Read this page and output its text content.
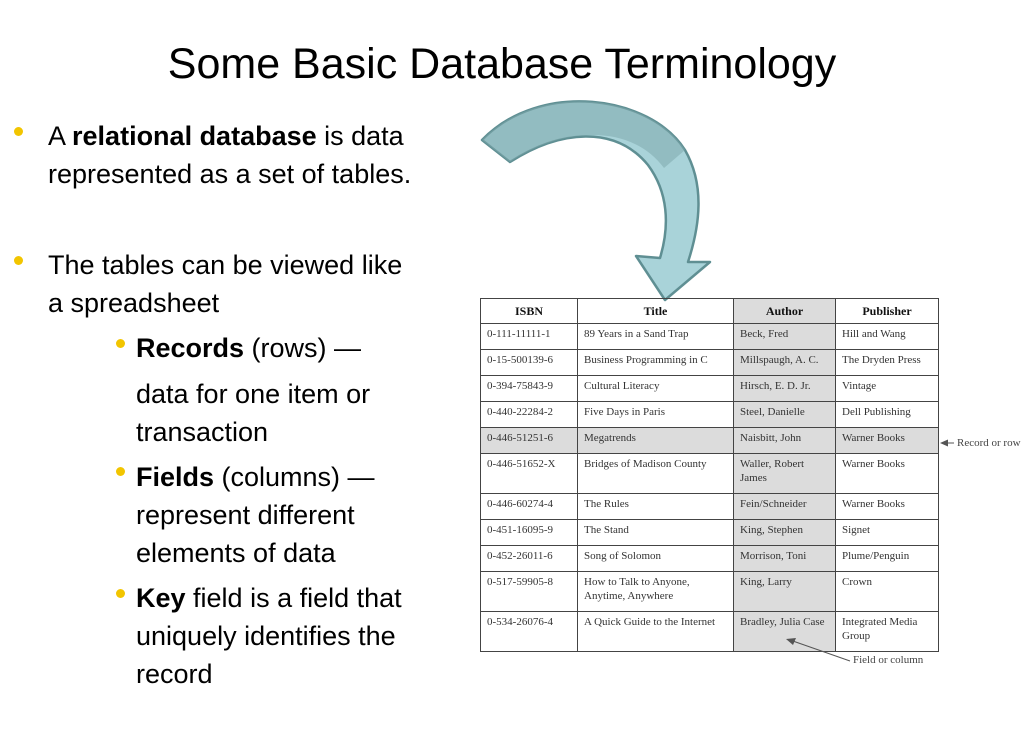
Some Basic Database Terminology
A relational database is data
represented as a set of tables.
The tables can be viewed like
a spreadsheet
Records (rows) —
data for one item or
transaction
Fields (columns) —
represent different
elements of data
Key field is a field that
uniquely identifies the
record
ISBN	Title	Author	Publisher
0-111-11111-1	89 Years in a Sand Trap	Beck, Fred	Hill and Wang
0-15-500139-6	Business Programming in C	Millspaugh, A. C.	The Dryden Press
0-394-75843-9	Cultural Literacy	Hirsch, E. D. Jr.	Vintage
0-440-22284-2	Five Days in Paris	Steel, Danielle	Dell Publishing
0-446-51251-6	Megatrends	Naisbitt, John	Warner Books
0-446-51652-X	Bridges of Madison County	Waller, Robert James	Warner Books
0-446-60274-4	The Rules	Fein/Schneider	Warner Books
0-451-16095-9	The Stand	King, Stephen	Signet
0-452-26011-6	Song of Solomon	Morrison, Toni	Plume/Penguin
0-517-59905-8	How to Talk to Anyone, Anytime, Anywhere	King, Larry	Crown
0-534-26076-4	A Quick Guide to the Internet	Bradley, Julia Case	Integrated Media Group
Record or row
Field or column
